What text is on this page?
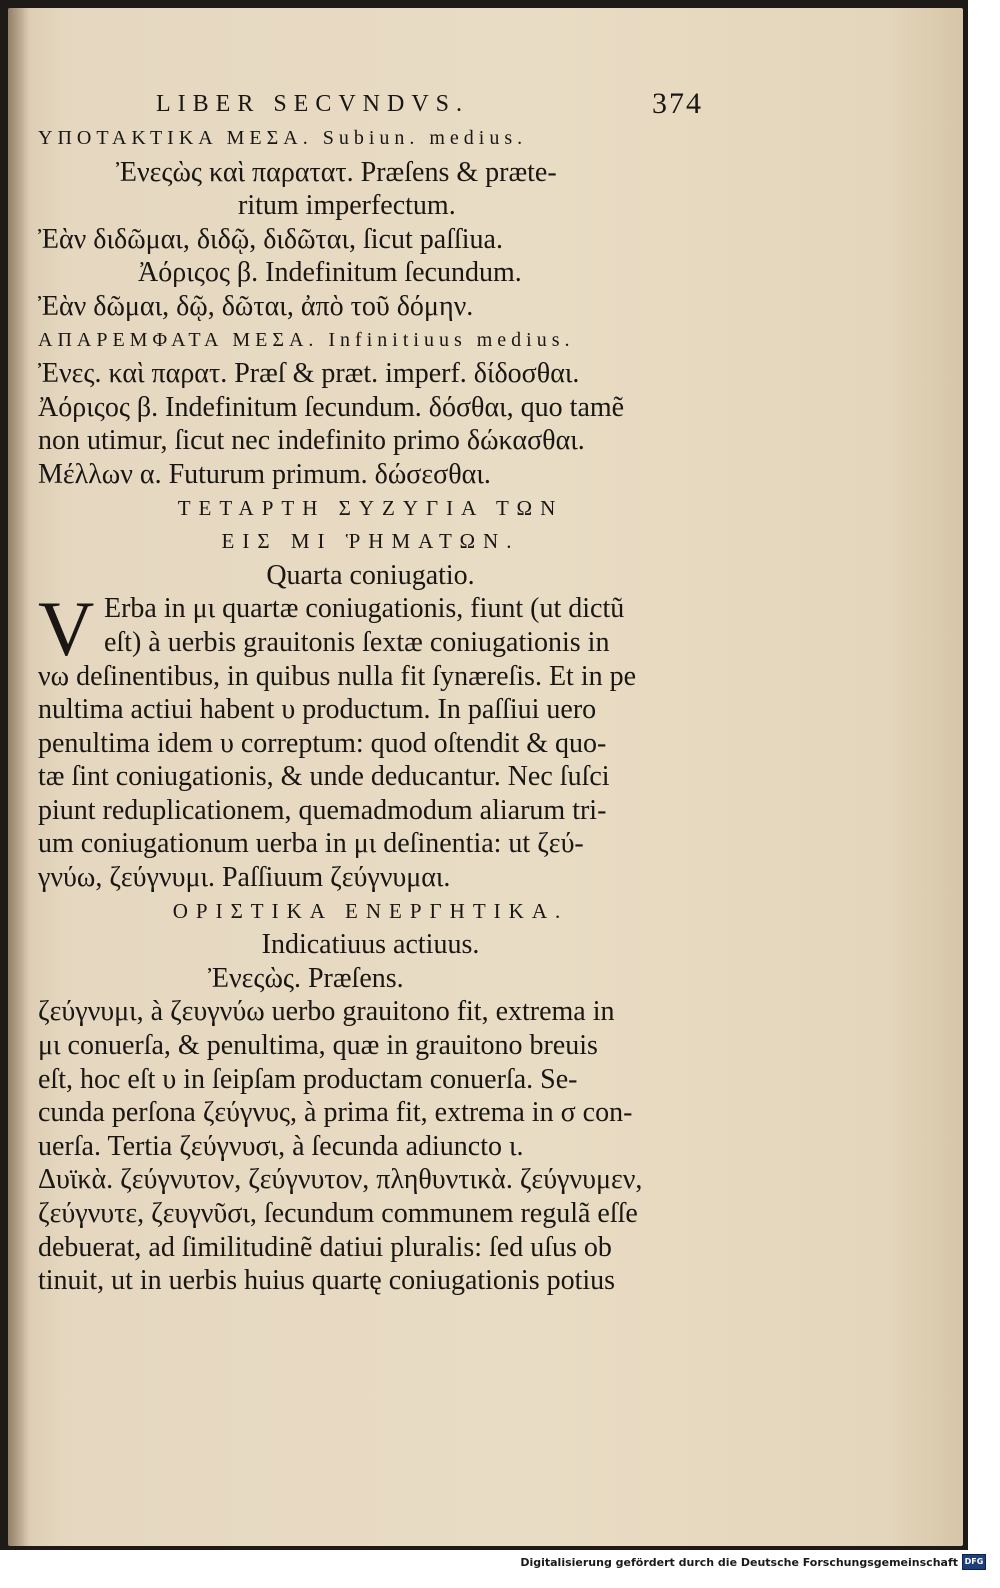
LIBER SECVNDVS.	374
ΥΠΟΤΑΚΤΙΚΑ ΜΕΣΑ. Subiun. medius.
Ἐνεςὼς καὶ παρατατ. Præſens & præte-
ritum imperfectum.
Ἐὰν διδῶμαι, διδῷ, διδῶται, ſicut paſſiua.
Ἀόριςος β. Indefinitum ſecundum.
Ἐὰν δῶμαι, δῷ, δῶται, ἀπὸ τοῦ δόμην.
ΑΠΑΡΕΜΦΑΤΑ ΜΕΣΑ. Infinitiuus medius.
Ἐνες. καὶ παρατ. Præſ & præt. imperf. δίδοσθαι.
Ἀόριςος β. Indefinitum ſecundum. δόσθαι, quo tamẽ
non utimur, ſicut nec indefinito primo δώκασθαι.
Μέλλων α. Futurum primum. δώσεσθαι.
ΤΕΤΑΡΤΗ ΣΥΖΥΓΙΑ ΤΩΝ
ΕΙΣ ΜΙ ῬΗΜΑΤΩΝ.
Quarta coniugatio.
V Erba in μι quartæ coniugationis, fiunt (ut dictũ
eſt) à uerbis grauitonis ſextæ coniugationis in
νω deſinentibus, in quibus nulla fit ſynæreſis. Et in pe
nultima actiui habent υ productum. In paſſiui uero
penultima idem υ correptum: quod oſtendit & quo-
tæ ſint coniugationis, & unde deducantur. Nec ſuſci
piunt reduplicationem, quemadmodum aliarum tri-
um coniugationum uerba in μι deſinentia: ut ζεύ-
γνύω, ζεύγνυμι. Paſſiuum ζεύγνυμαι.
ΟΡΙΣΤΙΚΑ ΕΝΕΡΓΗΤΙΚΑ.
Indicatiuus actiuus.
Ἐνεςὼς. Præſens.
ζεύγνυμι, à ζευγνύω uerbo grauitono fit, extrema in
μι conuerſa, & penultima, quæ in grauitono breuis
eſt, hoc eſt υ in ſeipſam productam conuerſa. Se-
cunda perſona ζεύγνυς, à prima fit, extrema in σ con-
uerſa. Tertia ζεύγνυσι, à ſecunda adiuncto ι.
Δυϊκὰ. ζεύγνυτον, ζεύγνυτον, πληθυντικὰ. ζεύγνυμεν,
ζεύγνυτε, ζευγνῦσι, ſecundum communem regulã eſſe
debuerat, ad ſimilitudinẽ datiui pluralis: ſed uſus ob
tinuit, ut in uerbis huius quartę coniugationis potius
Digitalisierung gefördert durch die Deutsche Forschungsgemeinschaft DFG
